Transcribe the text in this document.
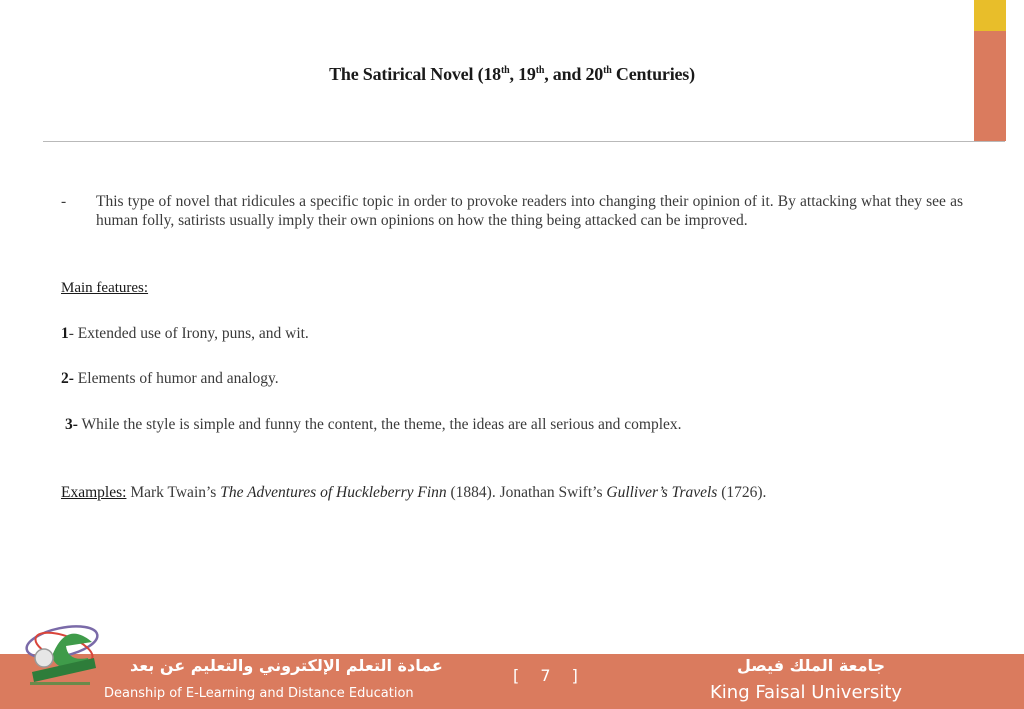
The Satirical Novel (18th, 19th, and 20th Centuries)
- This type of novel that ridicules a specific topic in order to provoke readers into changing their opinion of it. By attacking what they see as human folly, satirists usually imply their own opinions on how the thing being attacked can be improved.
Main features:
1- Extended use of Irony, puns, and wit.
2- Elements of humor and analogy.
3- While the style is simple and funny the content, the theme, the ideas are all serious and complex.
Examples: Mark Twain’s The Adventures of Huckleberry Finn (1884). Jonathan Swift’s Gulliver’s Travels (1726).
عمادة التعلم الإلكتروني والتعليم عن بعد
Deanship of E-Learning and Distance Education
[ 7 ]
جامعة الملك فيصل
King Faisal University
